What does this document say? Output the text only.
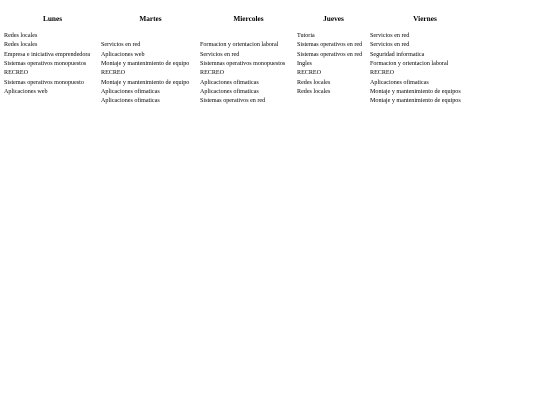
Lunes	Martes	Miercoles	Jueves	Viernes

Redes locales			Tutoria	Servicios en red
Redes locales	Servicios en red	Formacion y orientacion laboral	Sistemas operativos en red	Servicios en red
Empresa e iniciativa emprendedora	Aplicaciones web	Servicios en red	Sistemas operativos en red	Seguridad informatica
Sistemas operativos monopuestos	Montaje y mantenimiento de equipo	Sistemnas operativos monopuestos	Ingles	Formacion y orientacion laboral
RECREO	RECREO	RECREO	RECREO	RECREO
Sistemas operativos monopuesto	Montaje y mantenimiento de equipo	Aplicaciones ofimaticas	Redes locales	Aplicaciones ofimaticas
Aplicaciones web	Aplicaciones ofimaticas	Aplicaciones ofimaticas	Redes locales	Montaje y mantenimiento de equipos
	Aplicaciones ofimaticas	Sistemas operativos en red		Montaje y mantenimiento de equipos
